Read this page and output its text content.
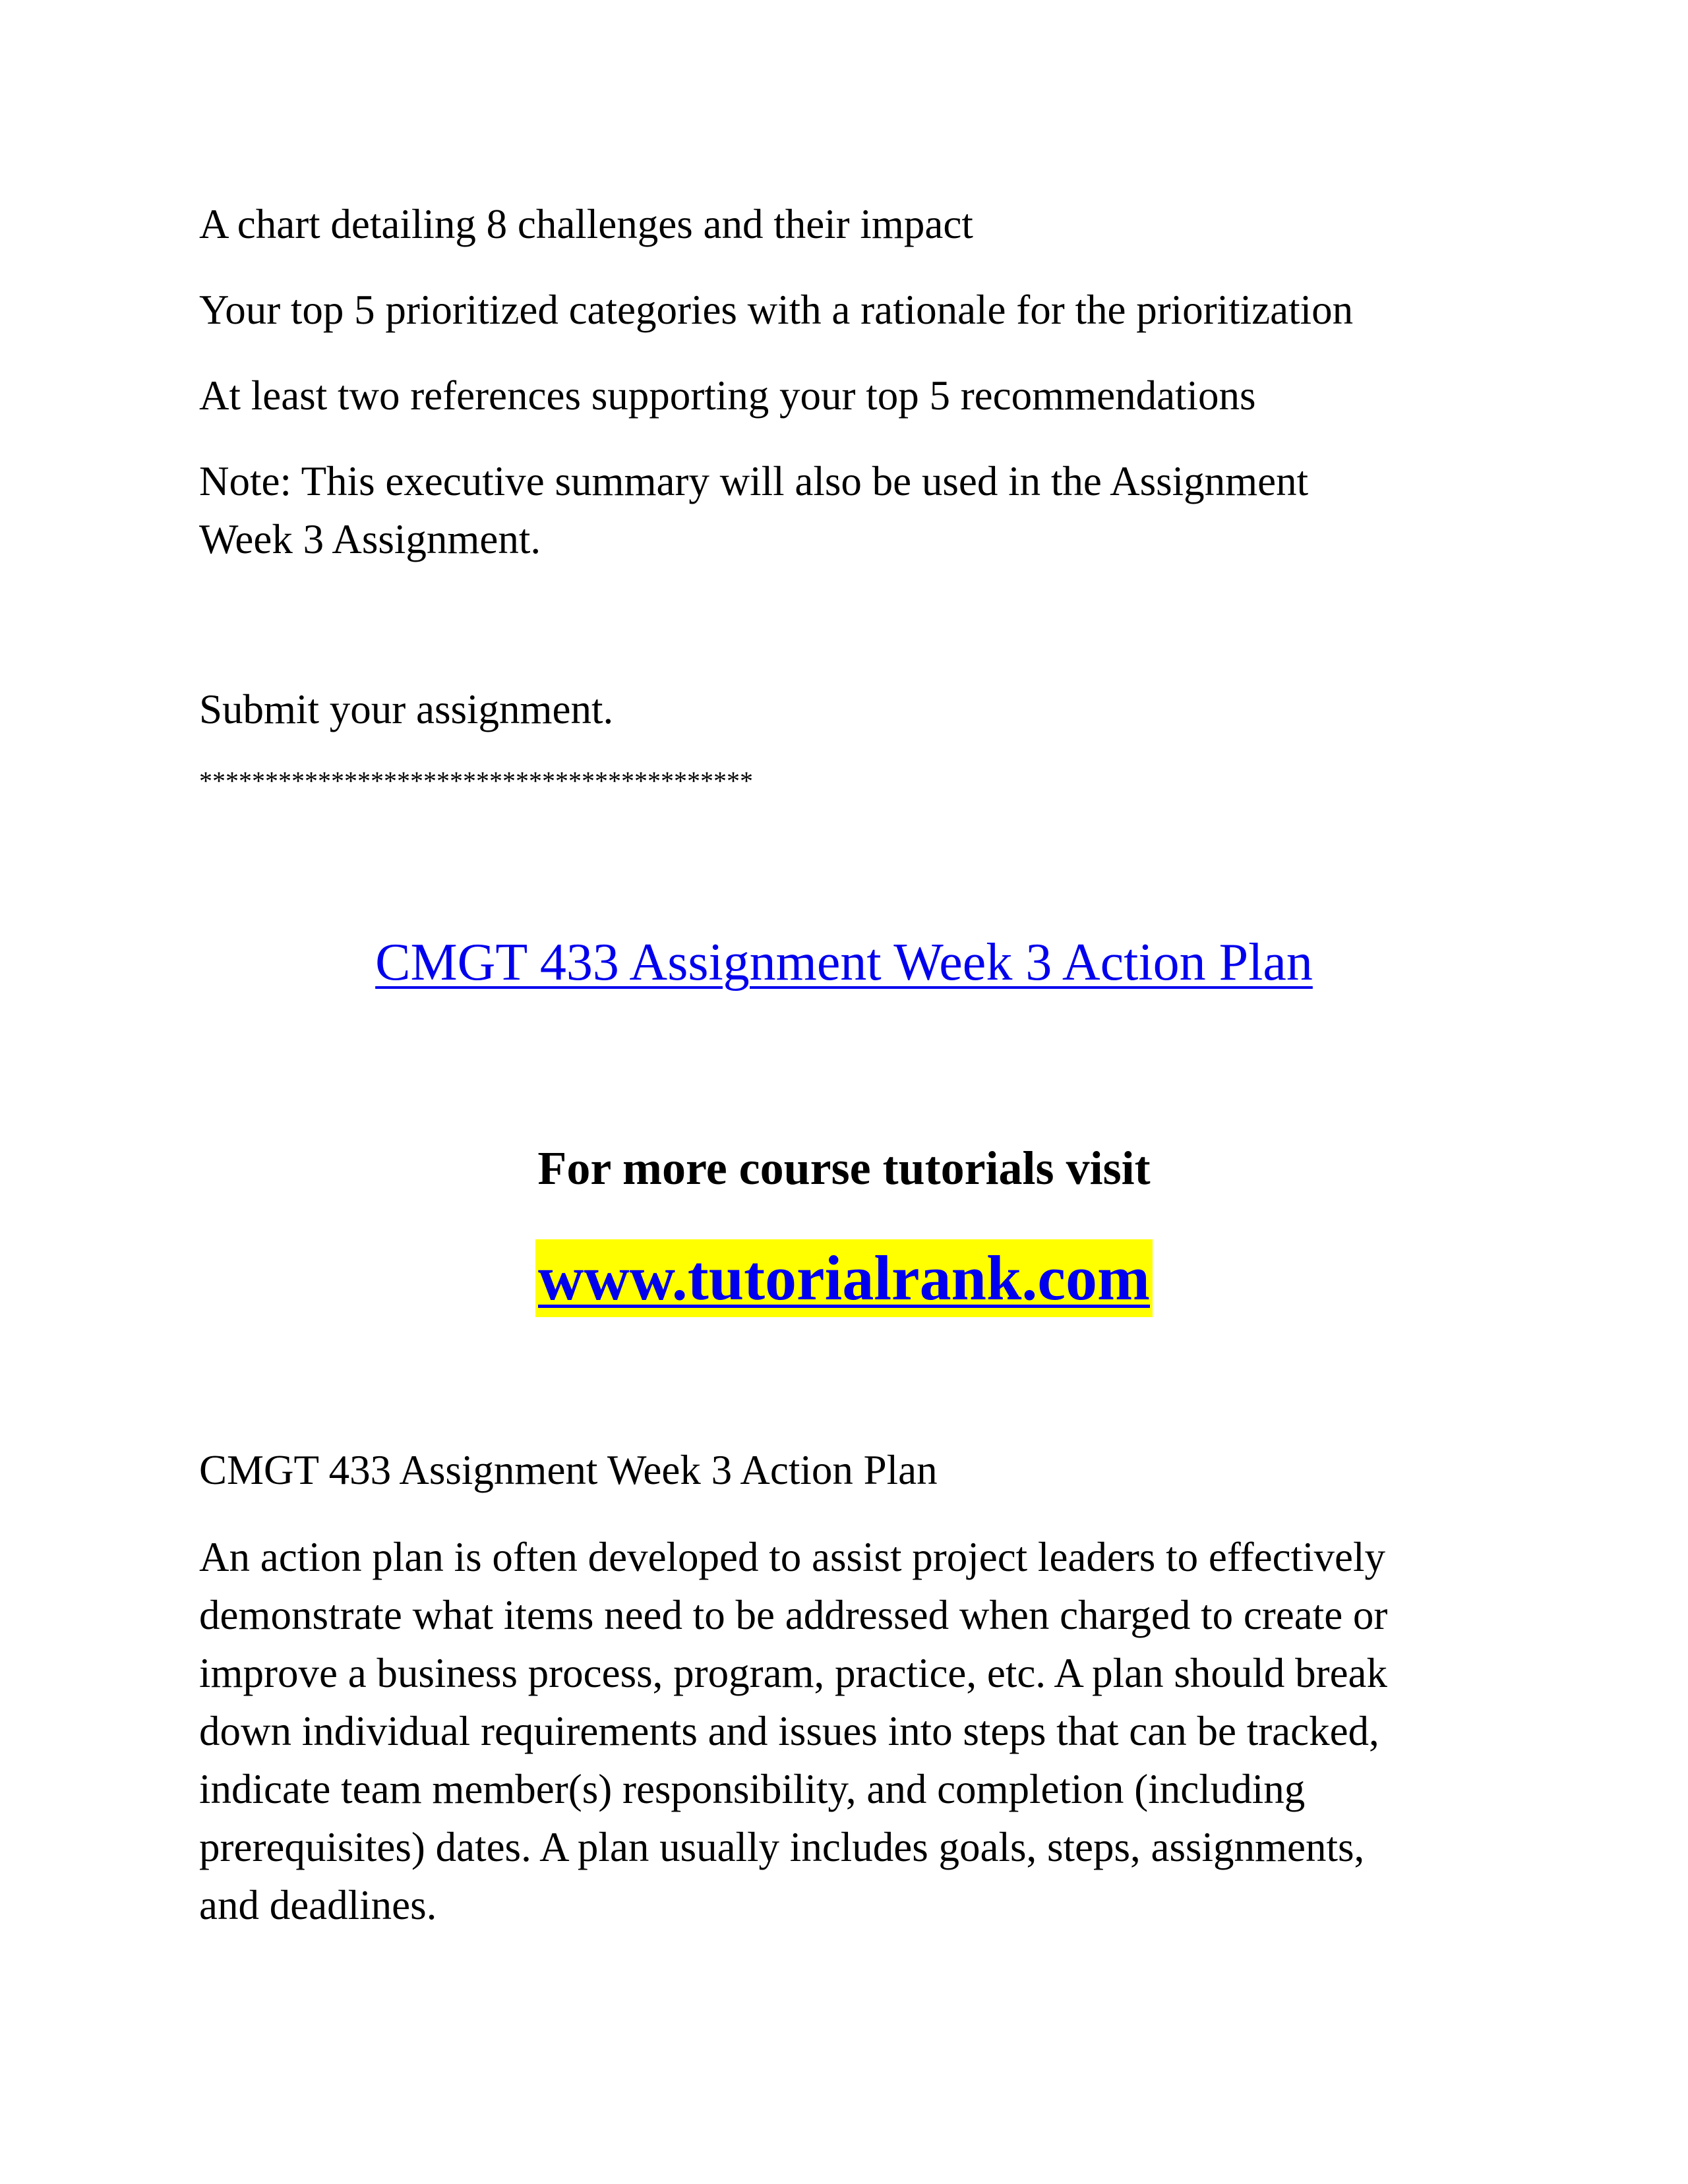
A chart detailing 8 challenges and their impact
Your top 5 prioritized categories with a rationale for the prioritization
At least two references supporting your top 5 recommendations

Note: This executive summary will also be used in the Assignment

Week 3 Assignment.

Submit your assignment.
******************************************
CMGT 433 Assignment Week 3 Action Plan
For more course tutorials visit
www.tutorialrank.com
CMGT 433 Assignment Week 3 Action Plan

An action plan is often developed to assist project leaders to effectively

demonstrate what items need to be addressed when charged to create or

improve a business process, program, practice, etc. A plan should break

down individual requirements and issues into steps that can be tracked,

indicate team member(s) responsibility, and completion (including

prerequisites) dates. A plan usually includes goals, steps, assignments,

and deadlines.
